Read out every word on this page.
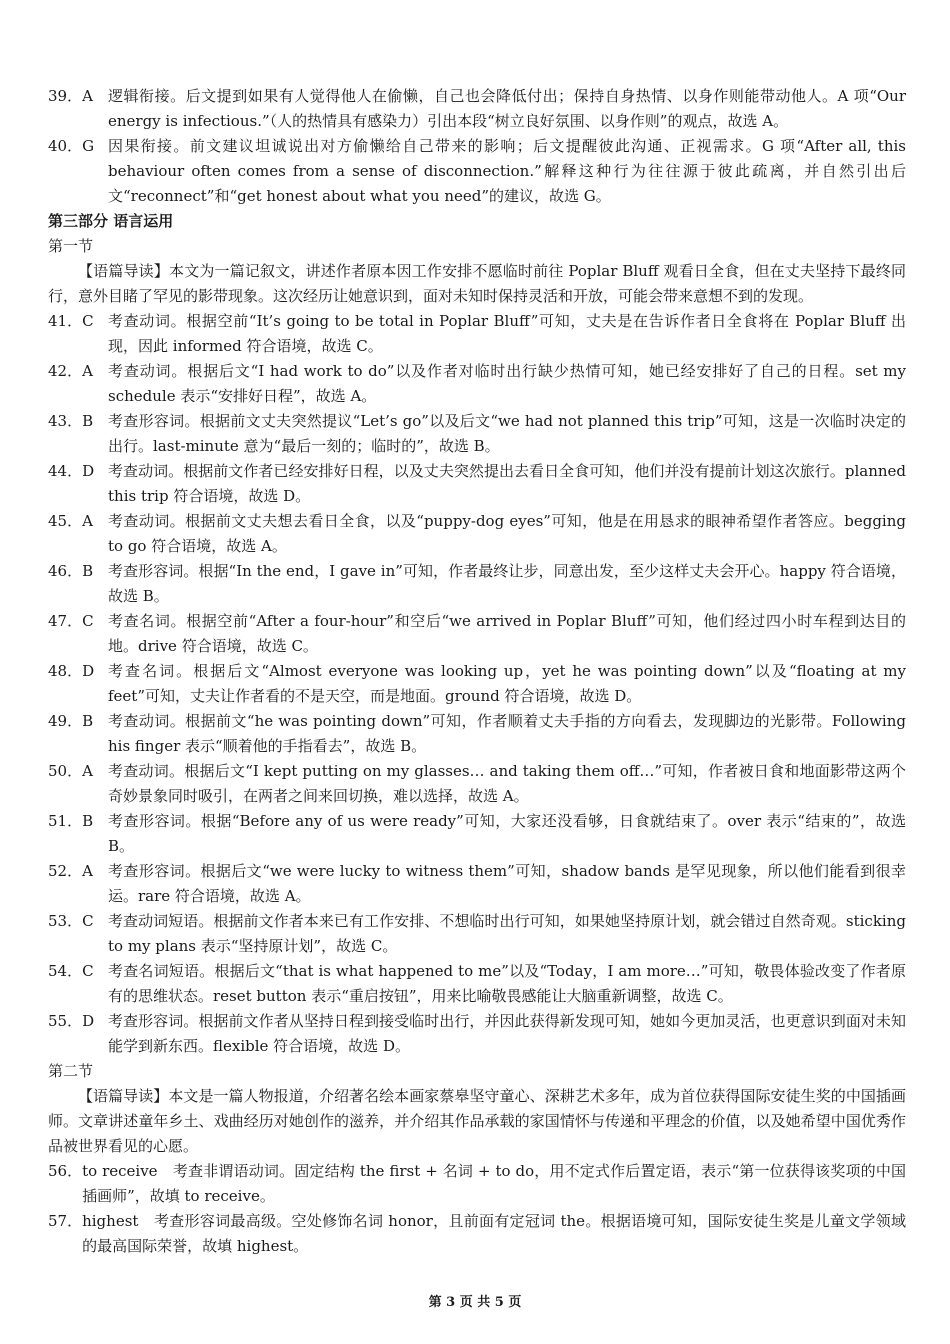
39．A	逻辑衔接。后文提到如果有人觉得他人在偷懒，自己也会降低付出；保持自身热情、以身作则能带动他人。A 项“Our energy is infectious.”（人的热情具有感染力）引出本段“树立良好氛围、以身作则”的观点，故选 A。
40．G 因果衔接。前文建议坦诚说出对方偷懒给自己带来的影响；后文提醒彼此沟通、正视需求。G 项“After all, this behaviour often comes from a sense of disconnection.”解释这种行为往往源于彼此疏离，并自然引出后文“reconnect”和“get honest about what you need”的建议，故选 G。
第三部分 语言运用
第一节
【语篇导读】本文为一篇记叙文，讲述作者原本因工作安排不愿临时前往 Poplar Bluff 观看日全食，但在丈夫坚持下最终同行，意外目睹了罕见的影带现象。这次经历让她意识到，面对未知时保持灵活和开放，可能会带来意想不到的发现。
41．C 考查动词。根据空前“It’s going to be total in Poplar Bluff”可知，丈夫是在告诉作者日全食将在 Poplar Bluff 出现，因此 informed 符合语境，故选 C。
42．A	考查动词。根据后文“I had work to do”以及作者对临时出行缺少热情可知，她已经安排好了自己的日程。set my schedule 表示“安排好日程”，故选 A。
43．B 考查形容词。根据前文丈夫突然提议“Let’s go”以及后文“we had not planned this trip”可知，这是一次临时决定的出行。last-minute 意为“最后一刻的；临时的”，故选 B。
44．D 考查动词。根据前文作者已经安排好日程，以及丈夫突然提出去看日全食可知，他们并没有提前计划这次旅行。planned this trip 符合语境，故选 D。
45．A	考查动词。根据前文丈夫想去看日全食，以及“puppy-dog eyes”可知，他是在用恳求的眼神希望作者答应。begging to go 符合语境，故选 A。
46．B 考查形容词。根据“In the end，I gave in”可知，作者最终让步，同意出发，至少这样丈夫会开心。happy 符合语境，故选 B。
47．C 考查名词。根据空前“After a four-hour”和空后“we arrived in Poplar Bluff”可知，他们经过四小时车程到达目的地。drive 符合语境，故选 C。
48．D 考查名词。根据后文“Almost everyone was looking up，yet he was pointing down”以及“floating at my feet”可知，丈夫让作者看的不是天空，而是地面。ground 符合语境，故选 D。
49．B 考查动词。根据前文“he was pointing down”可知，作者顺着丈夫手指的方向看去，发现脚边的光影带。Following his finger 表示“顺着他的手指看去”，故选 B。
50．A	考查动词。根据后文“I kept putting on my glasses… and taking them off…”可知，作者被日食和地面影带这两个奇妙景象同时吸引，在两者之间来回切换，难以选择，故选 A。
51．B 考查形容词。根据“Before any of us were ready”可知，大家还没看够，日食就结束了。over 表示“结束的”，故选 B。
52．A	考查形容词。根据后文“we were lucky to witness them”可知，shadow bands 是罕见现象，所以他们能看到很幸运。rare 符合语境，故选 A。
53．C 考查动词短语。根据前文作者本来已有工作安排、不想临时出行可知，如果她坚持原计划，就会错过自然奇观。sticking to my plans 表示“坚持原计划”，故选 C。
54．C 考查名词短语。根据后文“that is what happened to me”以及“Today，I am more…”可知，敬畏体验改变了作者原有的思维状态。reset button 表示“重启按钮”，用来比喻敬畏感能让大脑重新调整，故选 C。
55．D 考查形容词。根据前文作者从坚持日程到接受临时出行，并因此获得新发现可知，她如今更加灵活，也更意识到面对未知能学到新东西。flexible 符合语境，故选 D。
第二节
【语篇导读】本文是一篇人物报道，介绍著名绘本画家蔡皋坚守童心、深耕艺术多年，成为首位获得国际安徒生奖的中国插画师。文章讲述童年乡土、戏曲经历对她创作的滋养，并介绍其作品承载的家国情怀与传递和平理念的价值，以及她希望中国优秀作品被世界看见的心愿。
56． to receive　考查非谓语动词。固定结构 the first + 名词 + to do，用不定式作后置定语，表示“第一位获得该奖项的中国插画师”，故填 to receive。
57． highest　考查形容词最高级。空处修饰名词 honor，且前面有定冠词 the。根据语境可知，国际安徒生奖是儿童文学领域的最高国际荣誉，故填 highest。
第 3 页 共 5 页
